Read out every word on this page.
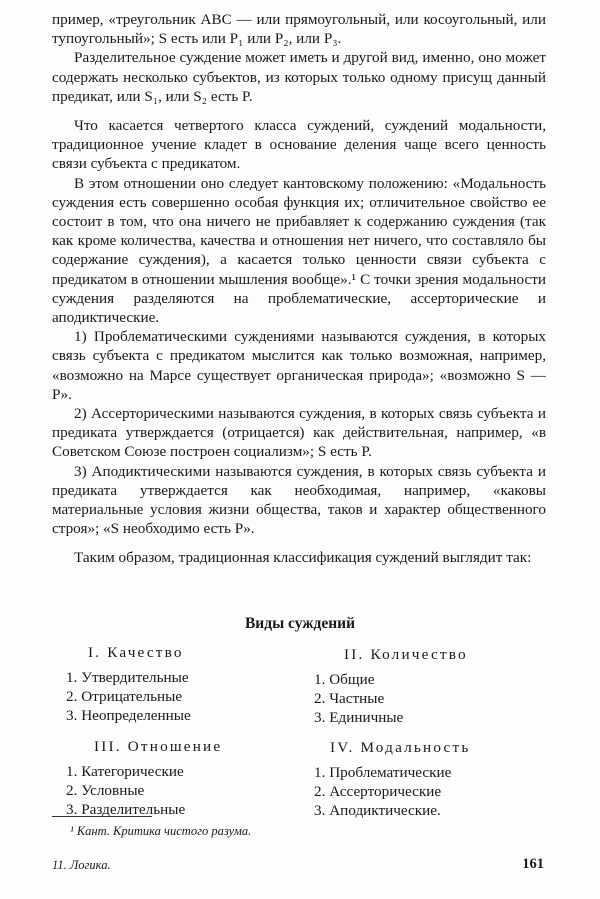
пример, «треугольник ABC — или прямоугольный, или косоугольный, или тупоугольный»; S есть или P₁ или P₂, или P₃.

Разделительное суждение может иметь и другой вид, именно, оно может содержать несколько субъектов, из которых только одному присущ данный предикат, или S₁, или S₂ есть P.

Что касается четвертого класса суждений, суждений модальности, традиционное учение кладет в основание деления чаще всего ценность связи субъекта с предикатом.

В этом отношении оно следует кантовскому положению: «Модальность суждения есть совершенно особая функция их; отличительное свойство ее состоит в том, что она ничего не прибавляет к содержанию суждения (так как кроме количества, качества и отношения нет ничего, что составляло бы содержание суждения), а касается только ценности связи субъекта с предикатом в отношении мышления вообще».¹ С точки зрения модальности суждения разделяются на проблематические, ассерторические и аподиктические.

1) Проблематическими суждениями называются суждения, в которых связь субъекта с предикатом мыслится как только возможная, например, «возможно на Марсе существует органическая природа»; «возможно S — P».

2) Ассерторическими называются суждения, в которых связь субъекта и предиката утверждается (отрицается) как действительная, например, «в Советском Союзе построен социализм»; S есть P.

3) Аподиктическими называются суждения, в которых связь субъекта и предиката утверждается как необходимая, например, «каковы материальные условия жизни общества, таков и характер общественного строя»; «S необходимо есть P».

Таким образом, традиционная классификация суждений выглядит так:

Виды суждений
I. Качество
1. Утвердительные
2. Отрицательные
3. Неопределенные
II. Количество
1. Общие
2. Частные
3. Единичные
III. Отношение
1. Категорические
2. Условные
3. Разделительные
IV. Модальность
1. Проблематические
2. Ассерторические
3. Аподиктические.
¹ Кант. Критика чистого разума.
11. Логика.	161
